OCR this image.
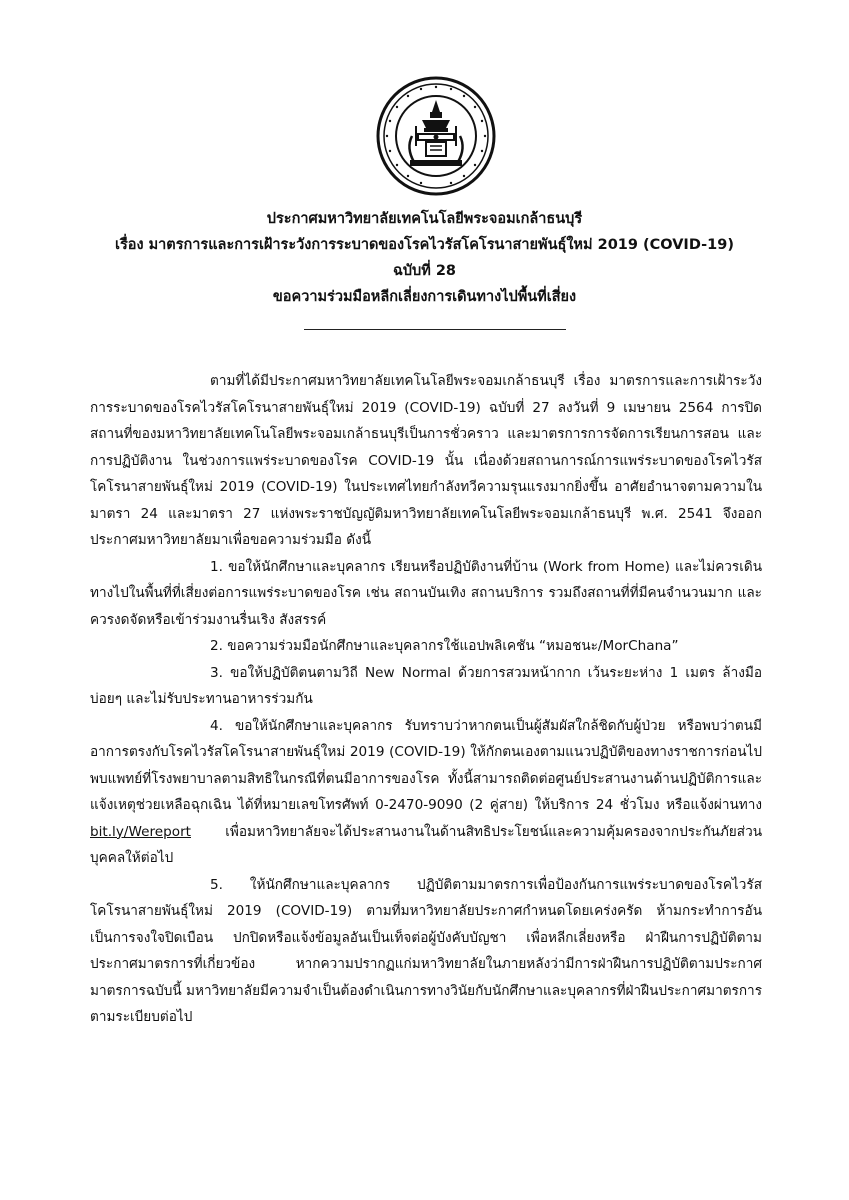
ประกาศมหาวิทยาลัยเทคโนโลยีพระจอมเกล้าธนบุรี
เรื่อง มาตรการและการเฝ้าระวังการระบาดของโรคไวรัสโคโรนาสายพันธุ์ใหม่ 2019 (COVID-19)
ฉบับที่ 28
ขอความร่วมมือหลีกเลี่ยงการเดินทางไปพื้นที่เสี่ยง

ตามที่ได้มีประกาศมหาวิทยาลัยเทคโนโลยีพระจอมเกล้าธนบุรี เรื่อง มาตรการและการเฝ้าระวังการระบาดของโรคไวรัสโคโรนาสายพันธุ์ใหม่ 2019 (COVID-19) ฉบับที่ 27 ลงวันที่ 9 เมษายน 2564 การปิดสถานที่ของมหาวิทยาลัยเทคโนโลยีพระจอมเกล้าธนบุรีเป็นการชั่วคราว และมาตรการการจัดการเรียนการสอน และการปฏิบัติงาน ในช่วงการแพร่ระบาดของโรค COVID-19 นั้น เนื่องด้วยสถานการณ์การแพร่ระบาดของโรคไวรัสโคโรนาสายพันธุ์ใหม่ 2019 (COVID-19) ในประเทศไทยกำลังทวีความรุนแรงมากยิ่งขึ้น อาศัยอำนาจตามความในมาตรา 24 และมาตรา 27 แห่งพระราชบัญญัติมหาวิทยาลัยเทคโนโลยีพระจอมเกล้าธนบุรี พ.ศ. 2541 จึงออกประกาศมหาวิทยาลัยมาเพื่อขอความร่วมมือ ดังนี้

1. ขอให้นักศึกษาและบุคลากร เรียนหรือปฏิบัติงานที่บ้าน (Work from Home) และไม่ควรเดินทางไปในพื้นที่ที่เสี่ยงต่อการแพร่ระบาดของโรค เช่น สถานบันเทิง สถานบริการ รวมถึงสถานที่ที่มีคนจำนวนมาก และควรงดจัดหรือเข้าร่วมงานรื่นเริง สังสรรค์

2. ขอความร่วมมือนักศึกษาและบุคลากรใช้แอปพลิเคชัน “หมอชนะ/MorChana”

3. ขอให้ปฏิบัติตนตามวิถี New Normal ด้วยการสวมหน้ากาก เว้นระยะห่าง 1 เมตร ล้างมือบ่อยๆ และไม่รับประทานอาหารร่วมกัน

4. ขอให้นักศึกษาและบุคลากร รับทราบว่าหากตนเป็นผู้สัมผัสใกล้ชิดกับผู้ป่วย หรือพบว่าตนมีอาการตรงกับโรคไวรัสโคโรนาสายพันธุ์ใหม่ 2019 (COVID-19) ให้กักตนเองตามแนวปฏิบัติของทางราชการก่อนไปพบแพทย์ที่โรงพยาบาลตามสิทธิในกรณีที่ตนมีอาการของโรค ทั้งนี้สามารถติดต่อศูนย์ประสานงานด้านปฏิบัติการและแจ้งเหตุช่วยเหลือฉุกเฉิน ได้ที่หมายเลขโทรศัพท์ 0-2470-9090 (2 คู่สาย) ให้บริการ 24 ชั่วโมง หรือแจ้งผ่านทาง bit.ly/Wereport เพื่อมหาวิทยาลัยจะได้ประสานงานในด้านสิทธิประโยชน์และความคุ้มครองจากประกันภัยส่วนบุคคลให้ต่อไป

5. ให้นักศึกษาและบุคลากร ปฏิบัติตามมาตรการเพื่อป้องกันการแพร่ระบาดของโรคไวรัสโคโรนาสายพันธุ์ใหม่ 2019 (COVID-19) ตามที่มหาวิทยาลัยประกาศกำหนดโดยเคร่งครัด ห้ามกระทำการอันเป็นการจงใจปิดเบือน ปกปิดหรือแจ้งข้อมูลอันเป็นเท็จต่อผู้บังคับบัญชา เพื่อหลีกเลี่ยงหรือ ฝ่าฝืนการปฏิบัติตามประกาศมาตรการที่เกี่ยวข้อง หากความปรากฏแก่มหาวิทยาลัยในภายหลังว่ามีการฝ่าฝืนการปฏิบัติตามประกาศมาตรการฉบับนี้ มหาวิทยาลัยมีความจำเป็นต้องดำเนินการทางวินัยกับนักศึกษาและบุคลากรที่ฝ่าฝืนประกาศมาตรการ ตามระเบียบต่อไป
